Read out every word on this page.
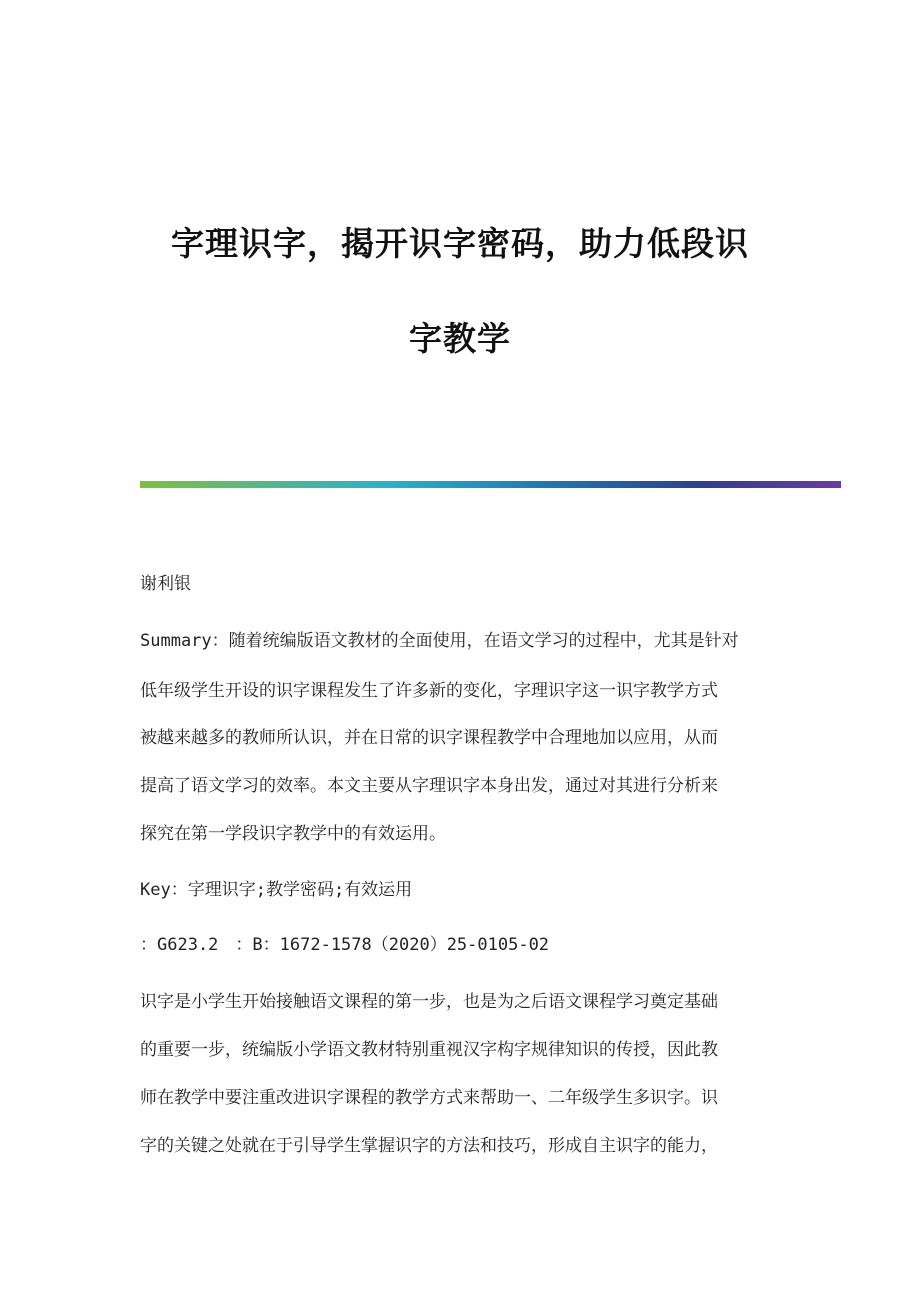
字理识字，揭开识字密码，助力低段识
字教学
谢利银
Summary：随着统编版语文教材的全面使用，在语文学习的过程中，尤其是针对
低年级学生开设的识字课程发生了许多新的变化，字理识字这一识字教学方式
被越来越多的教师所认识，并在日常的识字课程教学中合理地加以应用，从而
提高了语文学习的效率。本文主要从字理识字本身出发，通过对其进行分析来
探究在第一学段识字教学中的有效运用。
Key：字理识字;教学密码;有效运用
：G623.2　：B：1672-1578（2020）25-0105-02
识字是小学生开始接触语文课程的第一步，也是为之后语文课程学习奠定基础
的重要一步，统编版小学语文教材特别重视汉字构字规律知识的传授，因此教
师在教学中要注重改进识字课程的教学方式来帮助一、二年级学生多识字。识
字的关键之处就在于引导学生掌握识字的方法和技巧，形成自主识字的能力，
